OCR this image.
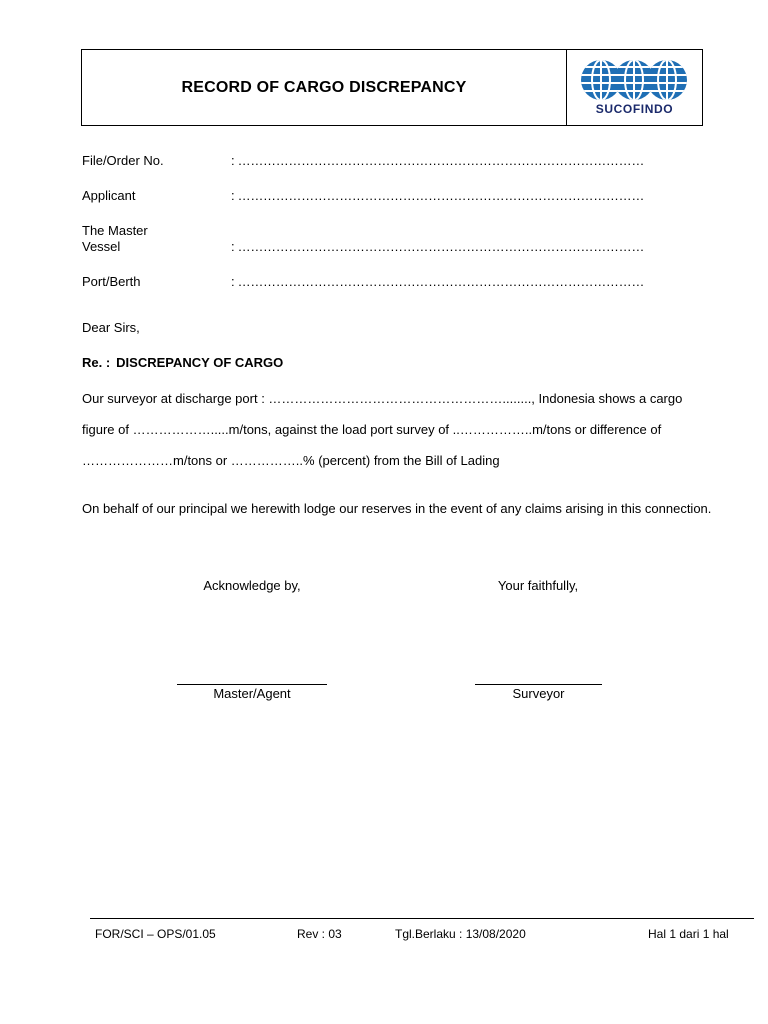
RECORD OF CARGO DISCREPANCY
SUCOFINDO
File/Order No.	: ……………………………………………………………………………………
Applicant	: ……………………………………………………………………………………
The Master
Vessel	: ……………………………………………………………………………………
Port/Berth	: ……………………………………………………………………………………
Dear Sirs,
Re. : DISCREPANCY OF CARGO
Our surveyor at discharge port : ………………………………………………........, Indonesia shows a cargo
figure of ……………….....m/tons, against the load port survey of ..……………..m/tons or difference of
…………………m/tons or ……………..% (percent) from the Bill of Lading
On behalf of our principal we herewith lodge our reserves in the event of any claims arising in this connection.
Acknowledge by,	Your faithfully,
Master/Agent	Surveyor
FOR/SCI – OPS/01.05	Rev : 03	Tgl.Berlaku : 13/08/2020	Hal 1 dari 1 hal
